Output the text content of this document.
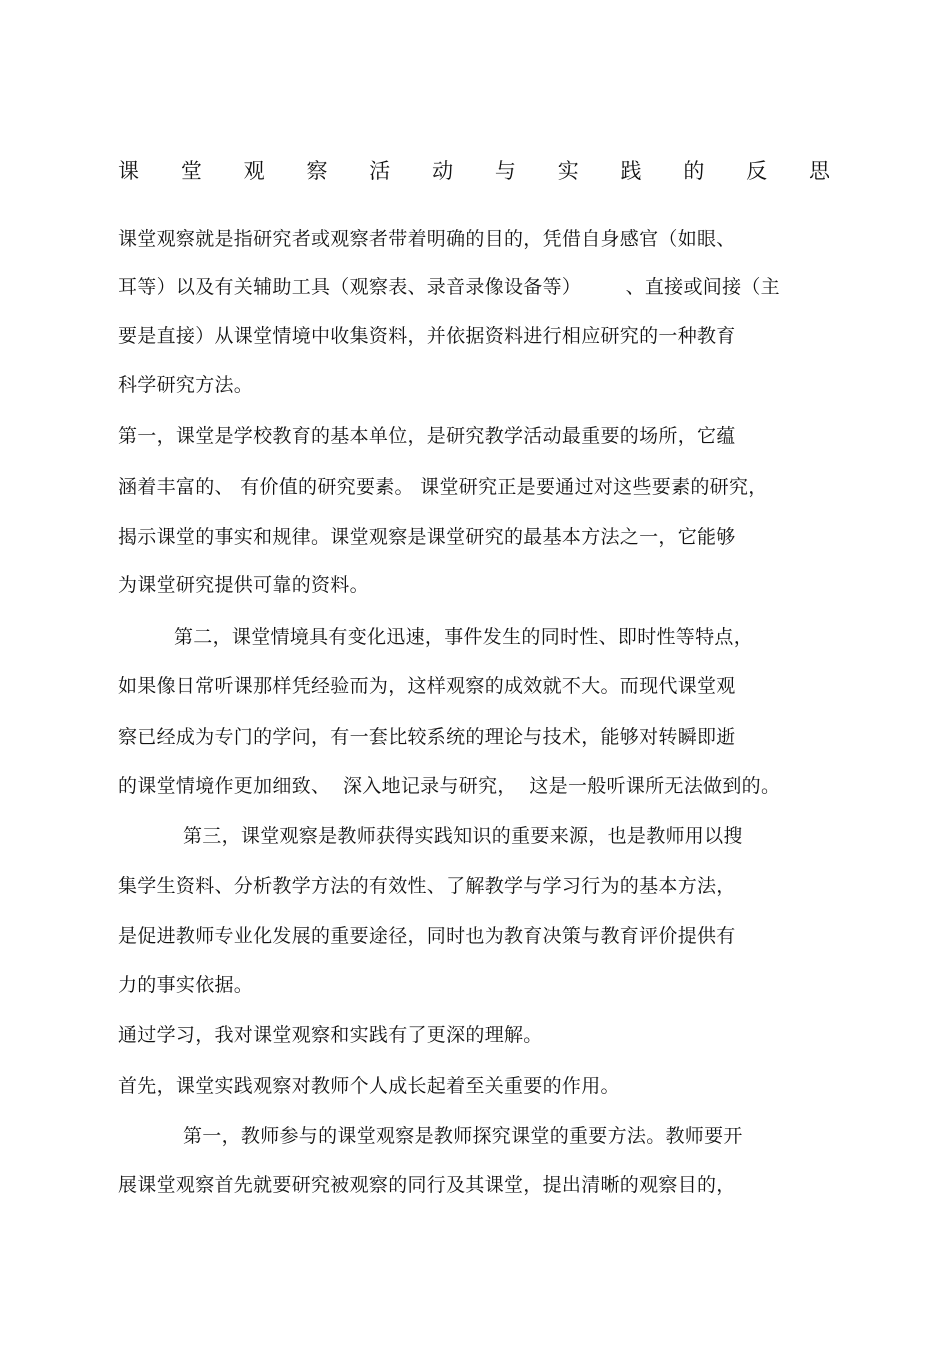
课 堂 观 察 活 动 与 实 践 的 反 思
课堂观察就是指研究者或观察者带着明确的目的，凭借自身感官（如眼、
耳等）以及有关辅助工具（观察表、录音录像设备等）       、直接或间接（主
要是直接）从课堂情境中收集资料，并依据资料进行相应研究的一种教育
科学研究方法。
第一，课堂是学校教育的基本单位，是研究教学活动最重要的场所，它蕴
涵着丰富的、 有价值的研究要素。 课堂研究正是要通过对这些要素的研究，
揭示课堂的事实和规律。课堂观察是课堂研究的最基本方法之一，它能够
为课堂研究提供可靠的资料。
第二，课堂情境具有变化迅速，事件发生的同时性、即时性等特点，
如果像日常听课那样凭经验而为，这样观察的成效就不大。而现代课堂观
察已经成为专门的学问，有一套比较系统的理论与技术，能够对转瞬即逝
的课堂情境作更加细致、  深入地记录与研究，  这是一般听课所无法做到的。
第三，课堂观察是教师获得实践知识的重要来源，也是教师用以搜
集学生资料、分析教学方法的有效性、了解教学与学习行为的基本方法，
是促进教师专业化发展的重要途径，同时也为教育决策与教育评价提供有
力的事实依据。
通过学习，我对课堂观察和实践有了更深的理解。
首先，课堂实践观察对教师个人成长起着至关重要的作用。
第一，教师参与的课堂观察是教师探究课堂的重要方法。教师要开
展课堂观察首先就要研究被观察的同行及其课堂，提出清晰的观察目的，
